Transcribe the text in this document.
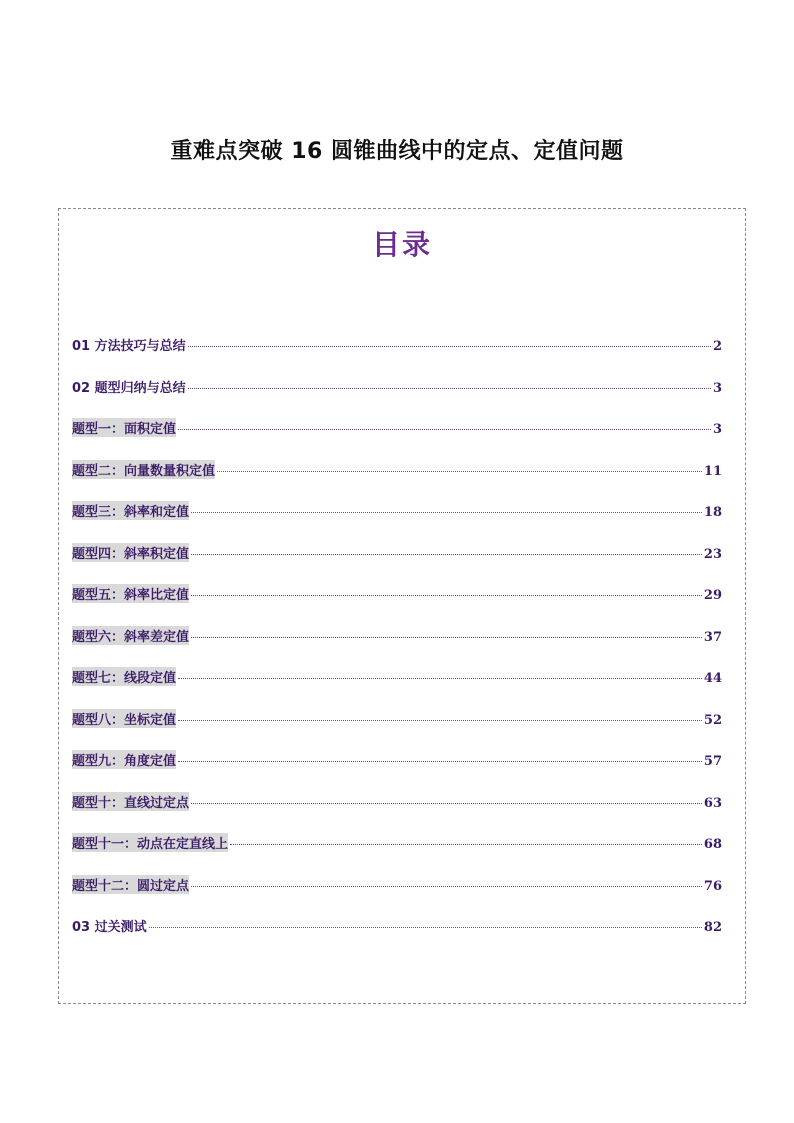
重难点突破 16 圆锥曲线中的定点、定值问题
目录
01 方法技巧与总结	2
02 题型归纳与总结	3
题型一：面积定值	3
题型二：向量数量积定值	11
题型三：斜率和定值	18
题型四：斜率积定值	23
题型五：斜率比定值	29
题型六：斜率差定值	37
题型七：线段定值	44
题型八：坐标定值	52
题型九：角度定值	57
题型十：直线过定点	63
题型十一：动点在定直线上	68
题型十二：圆过定点	76
03 过关测试	82
